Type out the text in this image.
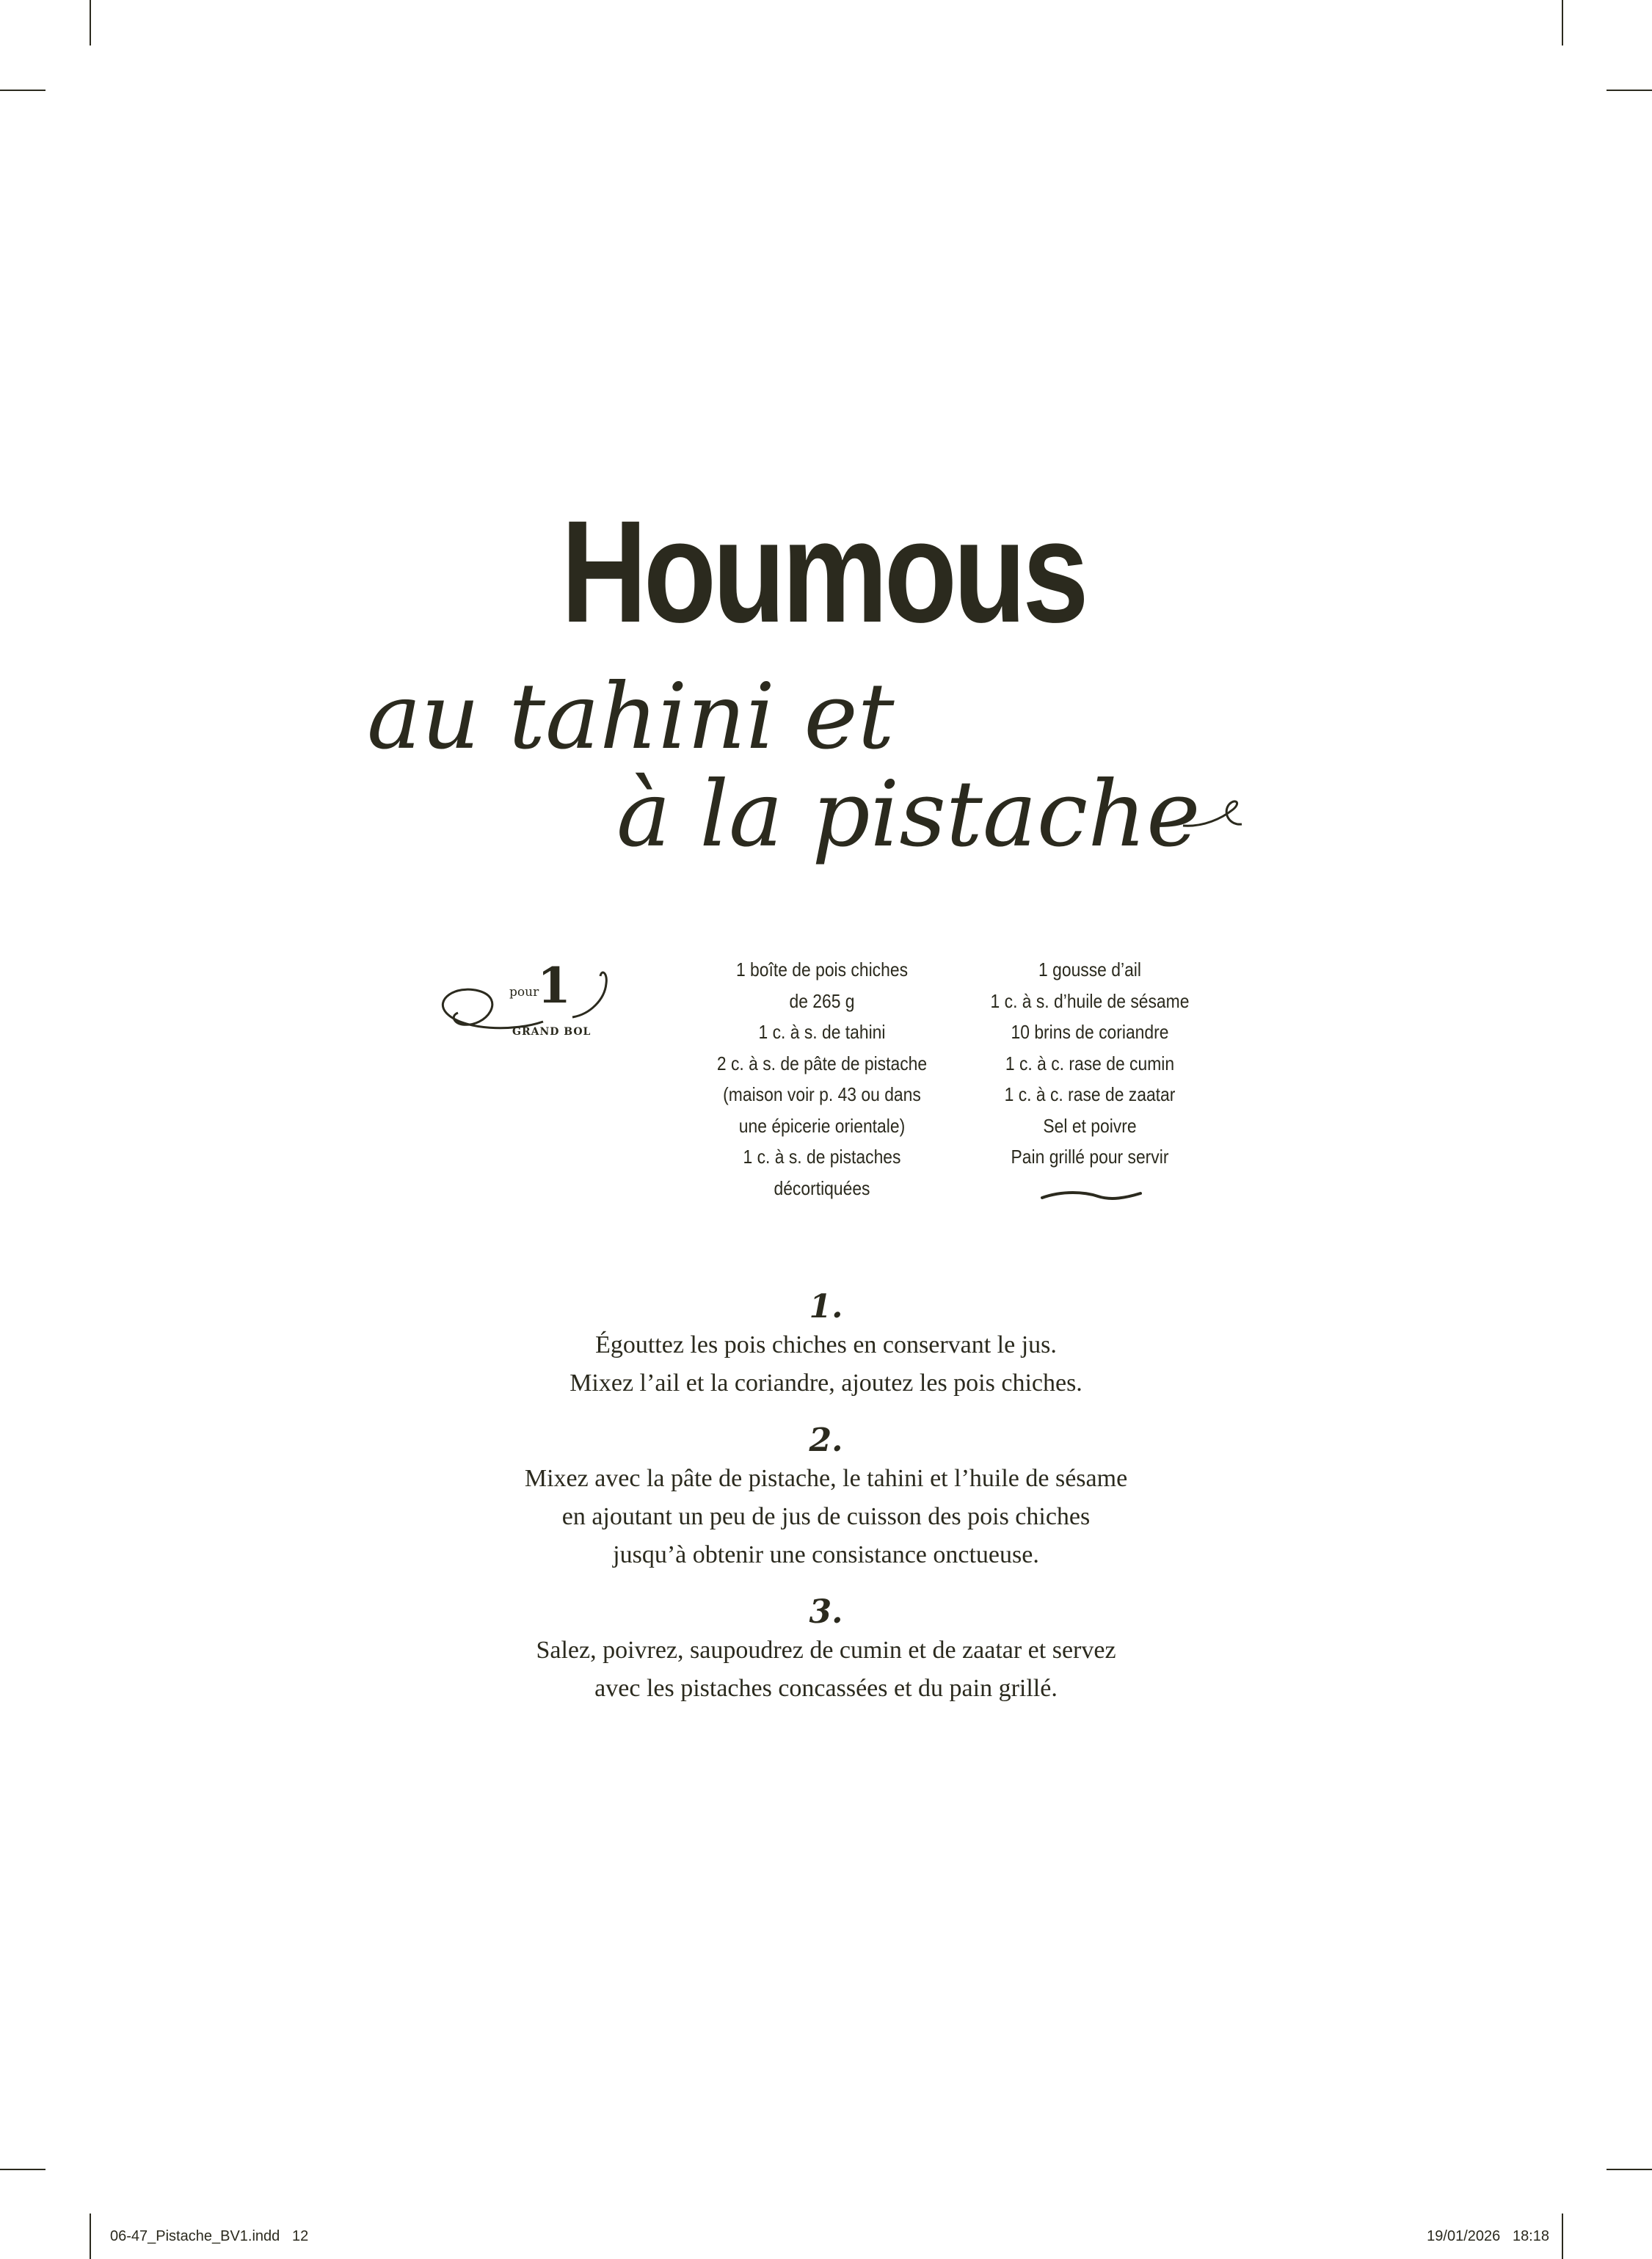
Houmous
au tahini et
à la pistache
pour
1
GRAND BOL
1 boîte de pois chiches
de 265 g
1 c. à s. de tahini
2 c. à s. de pâte de pistache
(maison voir p. 43 ou dans
une épicerie orientale)
1 c. à s. de pistaches
décortiquées
1 gousse d’ail
1 c. à s. d’huile de sésame
10 brins de coriandre
1 c. à c. rase de cumin
1 c. à c. rase de zaatar
Sel et poivre
Pain grillé pour servir
1.
Égouttez les pois chiches en conservant le jus.
Mixez l’ail et la coriandre, ajoutez les pois chiches.
2.
Mixez avec la pâte de pistache, le tahini et l’huile de sésame
en ajoutant un peu de jus de cuisson des pois chiches
jusqu’à obtenir une consistance onctueuse.
3.
Salez, poivrez, saupoudrez de cumin et de zaatar et servez
avec les pistaches concassées et du pain grillé.
06-47_Pistache_BV1.indd   12	19/01/2026   18:18
